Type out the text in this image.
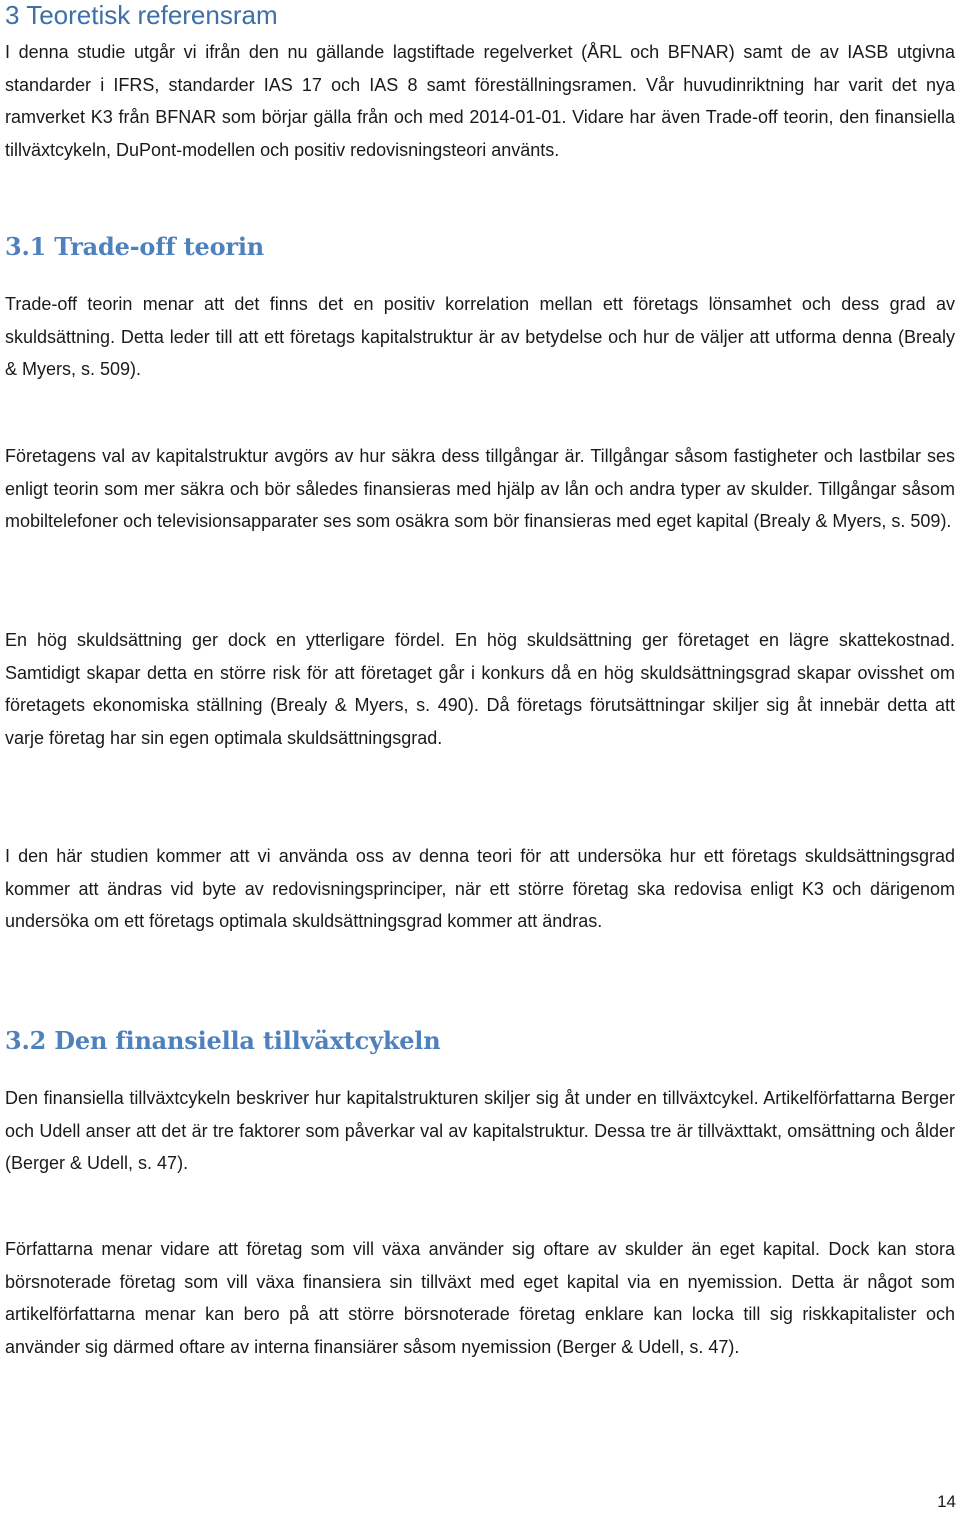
3 Teoretisk referensram

I denna studie utgår vi ifrån den nu gällande lagstiftade regelverket (ÅRL och BFNAR) samt de av IASB utgivna standarder i IFRS, standarder IAS 17 och IAS 8 samt föreställningsramen. Vår huvudinriktning har varit det nya ramverket K3 från BFNAR som börjar gälla från och med 2014-01-01. Vidare har även Trade-off teorin, den finansiella tillväxtcykeln, DuPont-modellen och positiv redovisningsteori använts.

3.1 Trade-off teorin

Trade-off teorin menar att det finns det en positiv korrelation mellan ett företags lönsamhet och dess grad av skuldsättning. Detta leder till att ett företags kapitalstruktur är av betydelse och hur de väljer att utforma denna (Brealy & Myers, s. 509).

Företagens val av kapitalstruktur avgörs av hur säkra dess tillgångar är. Tillgångar såsom fastigheter och lastbilar ses enligt teorin som mer säkra och bör således finansieras med hjälp av lån och andra typer av skulder. Tillgångar såsom mobiltelefoner och televisionsapparater ses som osäkra som bör finansieras med eget kapital (Brealy & Myers, s. 509).

En hög skuldsättning ger dock en ytterligare fördel. En hög skuldsättning ger företaget en lägre skattekostnad. Samtidigt skapar detta en större risk för att företaget går i konkurs då en hög skuldsättningsgrad skapar ovisshet om företagets ekonomiska ställning (Brealy & Myers, s. 490). Då företags förutsättningar skiljer sig åt innebär detta att varje företag har sin egen optimala skuldsättningsgrad.

I den här studien kommer att vi använda oss av denna teori för att undersöka hur ett företags skuldsättningsgrad kommer att ändras vid byte av redovisningsprinciper, när ett större företag ska redovisa enligt K3 och därigenom undersöka om ett företags optimala skuldsättningsgrad kommer att ändras.

3.2 Den finansiella tillväxtcykeln

Den finansiella tillväxtcykeln beskriver hur kapitalstrukturen skiljer sig åt under en tillväxtcykel. Artikelförfattarna Berger och Udell anser att det är tre faktorer som påverkar val av kapitalstruktur. Dessa tre är tillväxttakt, omsättning och ålder (Berger & Udell, s. 47).

Författarna menar vidare att företag som vill växa använder sig oftare av skulder än eget kapital. Dock kan stora börsnoterade företag som vill växa finansiera sin tillväxt med eget kapital via en nyemission. Detta är något som artikelförfattarna menar kan bero på att större börsnoterade företag enklare kan locka till sig riskkapitalister och använder sig därmed oftare av interna finansiärer såsom nyemission (Berger & Udell, s. 47).

14
